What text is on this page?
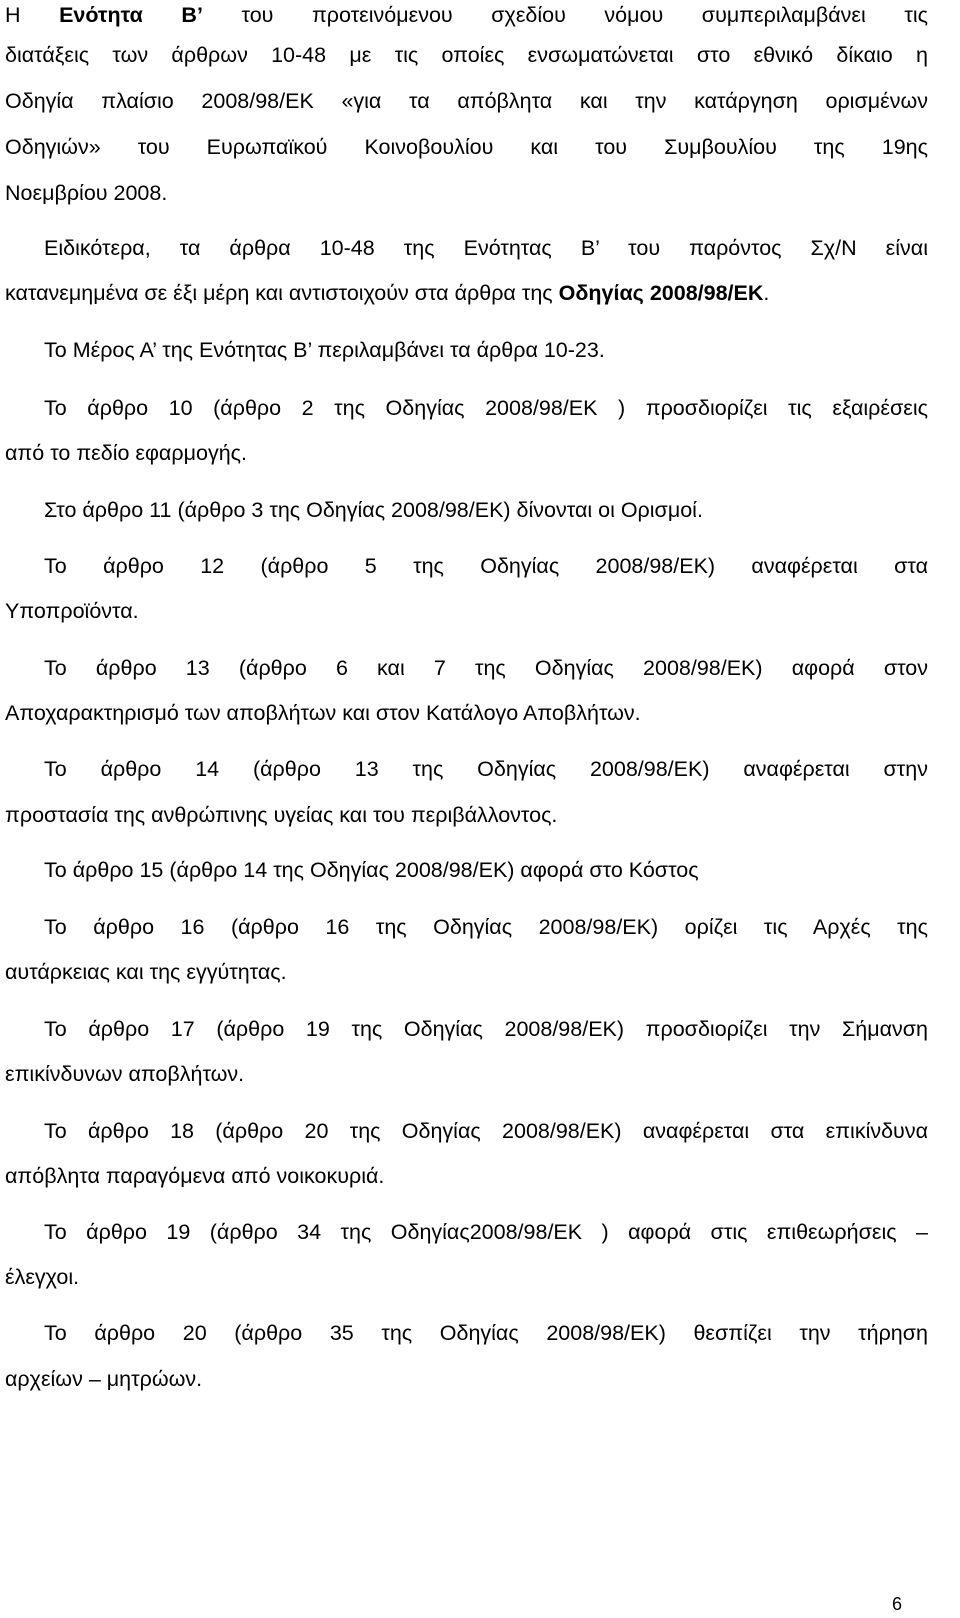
Η Ενότητα Β’ του προτεινόμενου σχεδίου νόμου συμπεριλαμβάνει τις
διατάξεις των άρθρων 10-48 με τις οποίες ενσωματώνεται στο εθνικό δίκαιο η
Οδηγία πλαίσιο 2008/98/ΕΚ «για τα απόβλητα και την κατάργηση ορισμένων
Οδηγιών» του Ευρωπαϊκού Κοινοβουλίου και του Συμβουλίου της 19ης
Νοεμβρίου 2008.
Ειδικότερα, τα άρθρα 10-48 της Ενότητας Β’ του παρόντος Σχ/Ν είναι
κατανεμημένα σε έξι μέρη και αντιστοιχούν στα άρθρα της Οδηγίας 2008/98/ΕΚ.
Το Μέρος Α’ της Ενότητας Β’ περιλαμβάνει τα άρθρα 10-23.
Το άρθρο 10 (άρθρο 2 της Οδηγίας 2008/98/ΕΚ ) προσδιορίζει τις εξαιρέσεις
από το πεδίο εφαρμογής.
Στο άρθρο 11 (άρθρο 3 της Οδηγίας 2008/98/ΕΚ) δίνονται οι Ορισμοί.
Το άρθρο 12 (άρθρο 5 της Οδηγίας 2008/98/ΕΚ) αναφέρεται στα
Υποπροϊόντα.
Το άρθρο 13 (άρθρο 6 και 7 της Οδηγίας 2008/98/ΕΚ) αφορά στον
Αποχαρακτηρισμό των αποβλήτων και στον Κατάλογο Αποβλήτων.
Το άρθρο 14 (άρθρο 13 της Οδηγίας 2008/98/ΕΚ) αναφέρεται στην
προστασία της ανθρώπινης υγείας και του περιβάλλοντος.
Το άρθρο 15 (άρθρο 14 της Οδηγίας 2008/98/ΕΚ) αφορά στο Κόστος
Το άρθρο 16 (άρθρο 16 της Οδηγίας 2008/98/ΕΚ) ορίζει τις Αρχές της
αυτάρκειας και της εγγύτητας.
Το άρθρο 17 (άρθρο 19 της Οδηγίας 2008/98/ΕΚ) προσδιορίζει την Σήμανση
επικίνδυνων αποβλήτων.
Το άρθρο 18 (άρθρο 20 της Οδηγίας 2008/98/ΕΚ) αναφέρεται στα επικίνδυνα
απόβλητα παραγόμενα από νοικοκυριά.
Το άρθρο 19 (άρθρο 34 της Οδηγίας2008/98/ΕΚ ) αφορά στις επιθεωρήσεις –
έλεγχοι.
Το άρθρο 20 (άρθρο 35 της Οδηγίας 2008/98/ΕΚ) θεσπίζει την τήρηση
αρχείων – μητρώων.
6
